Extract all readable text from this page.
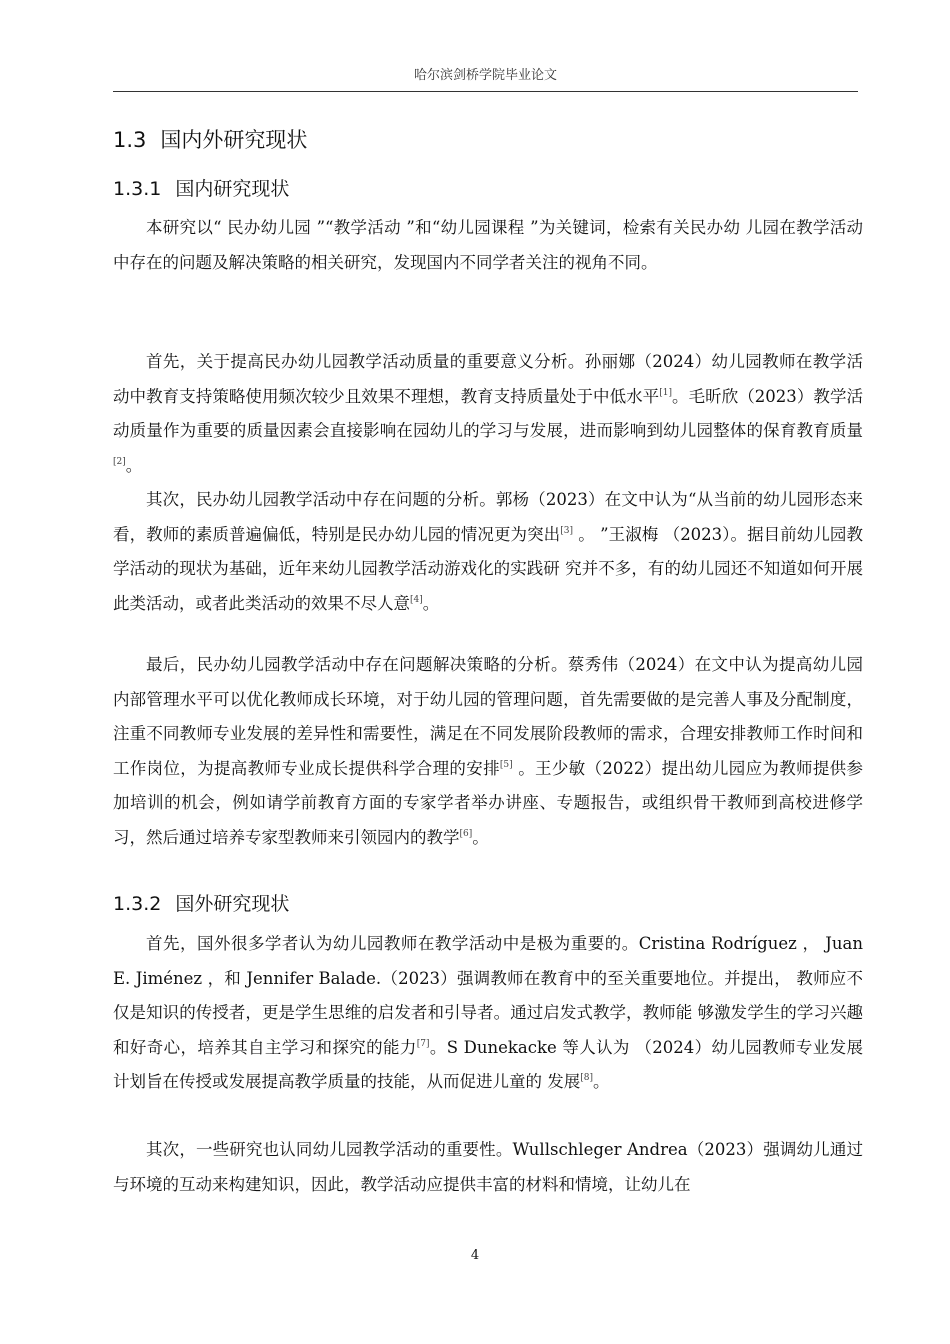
哈尔滨剑桥学院毕业论文
1.3 国内外研究现状
1.3.1 国内研究现状

本研究以“ 民办幼儿园 ”“教学活动 ”和“幼儿园课程 ”为关键词，检索有关民办幼 儿园在教学活动中存在的问题及解决策略的相关研究，发现国内不同学者关注的视角不同。

首先，关于提高民办幼儿园教学活动质量的重要意义分析。孙丽娜（2024）幼儿园教师在教学活动中教育支持策略使用频次较少且效果不理想，教育支持质量处于中低水平[1]。毛昕欣（2023）教学活动质量作为重要的质量因素会直接影响在园幼儿的学习与发展，进而影响到幼儿园整体的保育教育质量[2]。

其次，民办幼儿园教学活动中存在问题的分析。郭杨（2023）在文中认为“从当前的幼儿园形态来看，教师的素质普遍偏低，特别是民办幼儿园的情况更为突出[3] 。 ”王淑梅 （2023）。据目前幼儿园教学活动的现状为基础，近年来幼儿园教学活动游戏化的实践研 究并不多，有的幼儿园还不知道如何开展此类活动，或者此类活动的效果不尽人意[4]。

最后，民办幼儿园教学活动中存在问题解决策略的分析。蔡秀伟（2024）在文中认为提高幼儿园内部管理水平可以优化教师成长环境，对于幼儿园的管理问题，首先需要做的是完善人事及分配制度，注重不同教师专业发展的差异性和需要性，满足在不同发展阶段教师的需求，合理安排教师工作时间和工作岗位，为提高教师专业成长提供科学合理的安排[5] 。王少敏（2022）提出幼儿园应为教师提供参加培训的机会，例如请学前教育方面的专家学者举办讲座、专题报告，或组织骨干教师到高校进修学习，然后通过培养专家型教师来引领园内的教学[6]。

1.3.2 国外研究现状

首先，国外很多学者认为幼儿园教师在教学活动中是极为重要的。Cristina Rodríguez ， Juan E. Jiménez ，和 Jennifer Balade.（2023）强调教师在教育中的至关重要地位。并提出， 教师应不仅是知识的传授者，更是学生思维的启发者和引导者。通过启发式教学，教师能 够激发学生的学习兴趣和好奇心，培养其自主学习和探究的能力[7]。S Dunekacke 等人认为 （2024）幼儿园教师专业发展计划旨在传授或发展提高教学质量的技能，从而促进儿童的 发展[8]。

其次，一些研究也认同幼儿园教学活动的重要性。Wullschleger Andrea（2023）强调幼儿通过与环境的互动来构建知识，因此，教学活动应提供丰富的材料和情境，让幼儿在

4
